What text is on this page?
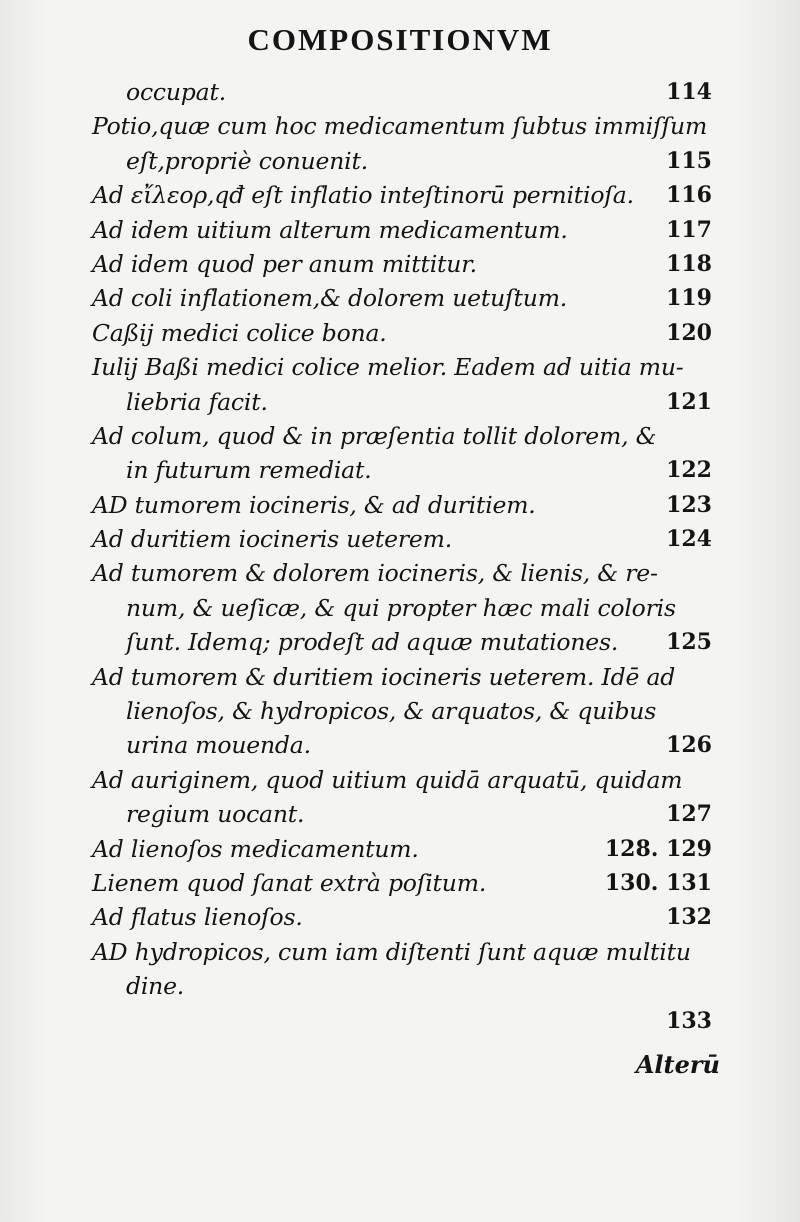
COMPOSITIONVM
occupat.	114
Potio,quæ cum hoc medicamentum ſubtus immiſſum
eſt,propriè conuenit.	115
Ad εἴλεορ,qđ eſt inflatio inteſtinorū pernitioſa. 116
Ad idem uitium alterum medicamentum.	117
Ad idem quod per anum mittitur.	118
Ad coli inflationem,& dolorem uetuſtum.	119
Caßij medici colice bona.	120
Iulij Baßi medici colice melior. Eadem ad uitia mu-
liebria facit.	121
Ad colum, quod & in præſentia tollit dolorem, &
in futurum remediat.	122
AD tumorem iocineris, & ad duritiem.	123
Ad duritiem iocineris ueterem.	124
Ad tumorem & dolorem iocineris, & lienis, & re-
num, & ueſicæ, & qui propter hæc mali coloris
ſunt. Idemq; prodeſt ad aquæ mutationes. 125
Ad tumorem & duritiem iocineris ueterem. Idē ad
lienoſos, & hydropicos, & arquatos, & quibus
urina mouenda.	126
Ad auriginem, quod uitium quidā arquatū, quidam
regium uocant.	127
Ad lienoſos medicamentum.	128. 129
Lienem quod ſanat extrà poſitum.	130. 131
Ad flatus lienoſos.	132
AD hydropicos, cum iam diſtenti ſunt aquæ multitu
dine.
133
Alterū
